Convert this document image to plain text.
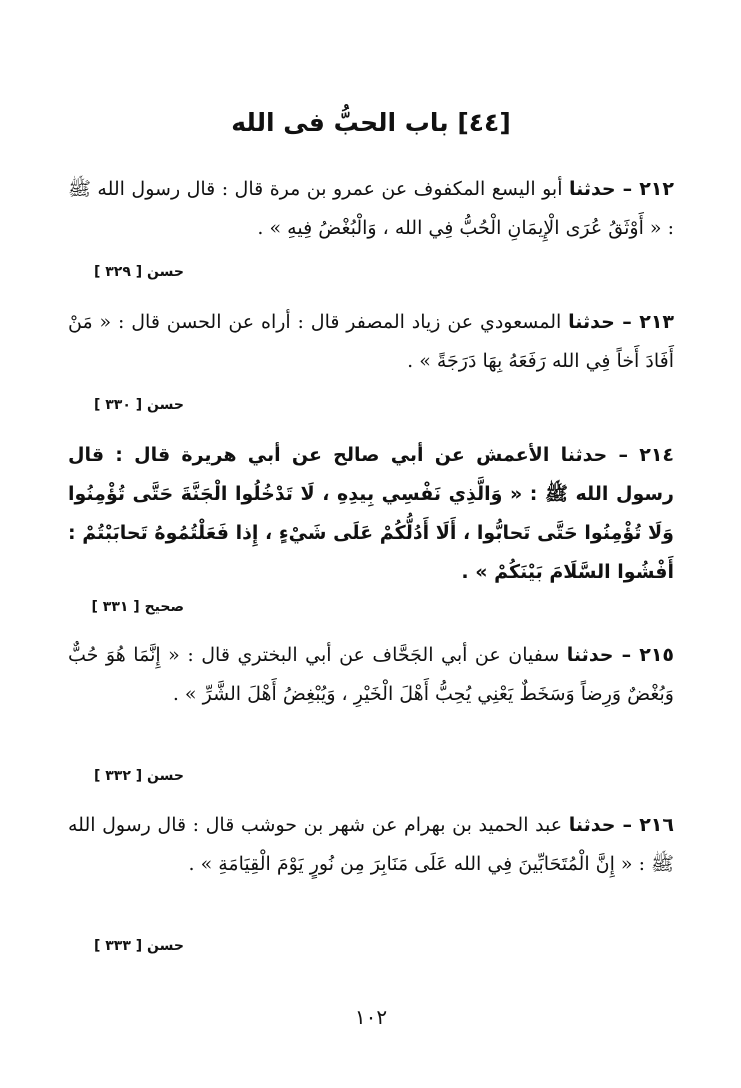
[٤٤] باب الحبُّ فى الله

٢١٢ – حدثنا أبو اليسع المكفوف عن عمرو بن مرة قال : قال رسول الله ﷺ : « أَوْثَقُ عُرَى الْإِيمَانِ الْحُبُّ فِي الله ، وَالْبُغْضُ فِيهِ » .

حسن [ ٣٢٩ ]

٢١٣ – حدثنا المسعودي عن زياد المصفر قال : أراه عن الحسن قال : « مَنْ أَفَادَ أَخاً فِي الله رَفَعَهُ بِهَا دَرَجَةً » .

حسن [ ٣٣٠ ]

٢١٤ – حدثنا الأعمش عن أبي صالح عن أبي هريرة قال : قال رسول الله ﷺ : « وَالَّذِي نَفْسِي بِيدِهِ ، لَا تَدْخُلُوا الْجَنَّةَ حَتَّى تُؤْمِنُوا وَلَا تُؤْمِنُوا حَتَّى تَحابُّوا ، أَلَا أَدُلُّكُمْ عَلَى شَيْءٍ ، إِذا فَعَلْتُمُوهُ تَحابَبْتُمْ : أَفْشُوا السَّلَامَ بَيْنَكُمْ » .

صحيح [ ٣٣١ ]

٢١٥ – حدثنا سفيان عن أبي الجَحَّاف عن أبي البختري قال : « إِنَّمَا هُوَ حُبٌّ وَبُغْضٌ وَرِضاً وَسَخَطٌ يَعْنِي يُحِبُّ أَهْلَ الْخَيْرِ ، وَيُبْغِضُ أَهْلَ الشَّرِّ » .

حسن [ ٣٣٢ ]

٢١٦ – حدثنا عبد الحميد بن بهرام عن شهر بن حوشب قال : قال رسول الله ﷺ : « إِنَّ الْمُتَحَابِّينَ فِي الله عَلَى مَنَابِرَ مِن نُورٍ يَوْمَ الْقِيَامَةِ » .

حسن [ ٣٣٣ ]
١٠٢
